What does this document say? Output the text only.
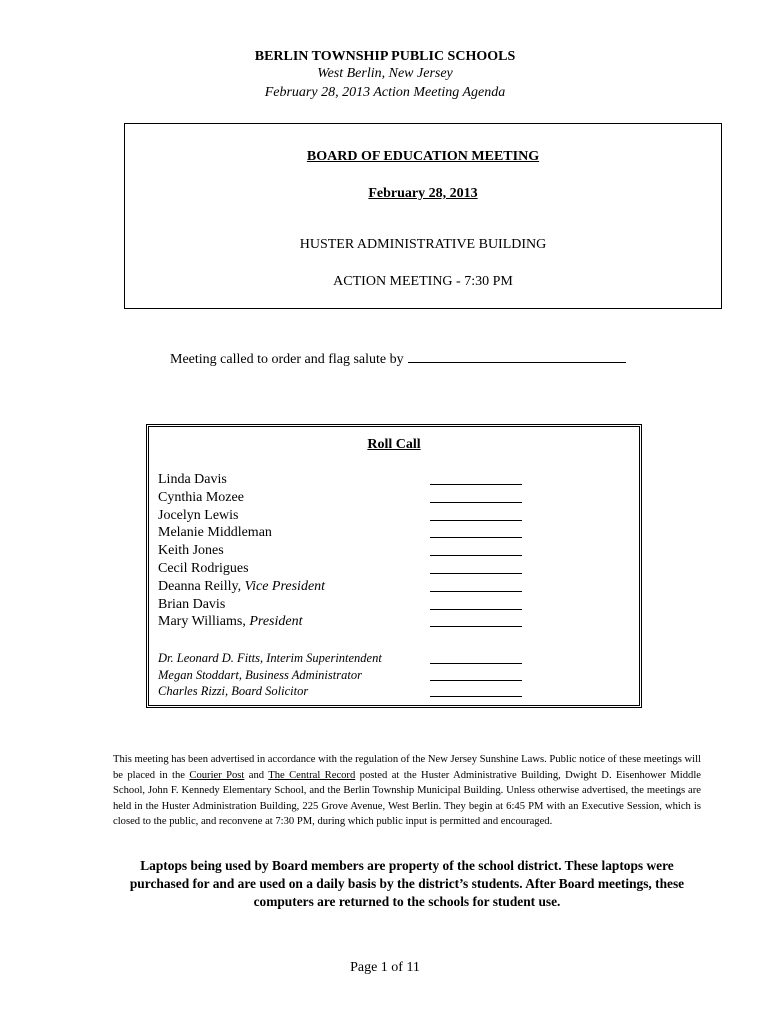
BERLIN TOWNSHIP PUBLIC SCHOOLS
West Berlin, New Jersey
February 28, 2013 Action Meeting Agenda
BOARD OF EDUCATION MEETING
February 28, 2013
HUSTER ADMINISTRATIVE BUILDING
ACTION MEETING - 7:30 PM
Meeting called to order and flag salute by
Roll Call
Linda Davis
Cynthia Mozee
Jocelyn Lewis
Melanie Middleman
Keith Jones
Cecil Rodrigues
Deanna Reilly, Vice President
Brian Davis
Mary Williams, President
Dr. Leonard D. Fitts, Interim Superintendent
Megan Stoddart, Business Administrator
Charles Rizzi, Board Solicitor
This meeting has been advertised in accordance with the regulation of the New Jersey Sunshine Laws. Public notice of these meetings will be placed in the Courier Post and The Central Record posted at the Huster Administrative Building, Dwight D. Eisenhower Middle School, John F. Kennedy Elementary School, and the Berlin Township Municipal Building. Unless otherwise advertised, the meetings are held in the Huster Administration Building, 225 Grove Avenue, West Berlin. They begin at 6:45 PM with an Executive Session, which is closed to the public, and reconvene at 7:30 PM, during which public input is permitted and encouraged.
Laptops being used by Board members are property of the school district. These laptops were purchased for and are used on a daily basis by the district’s students. After Board meetings, these computers are returned to the schools for student use.
Page 1 of 11
